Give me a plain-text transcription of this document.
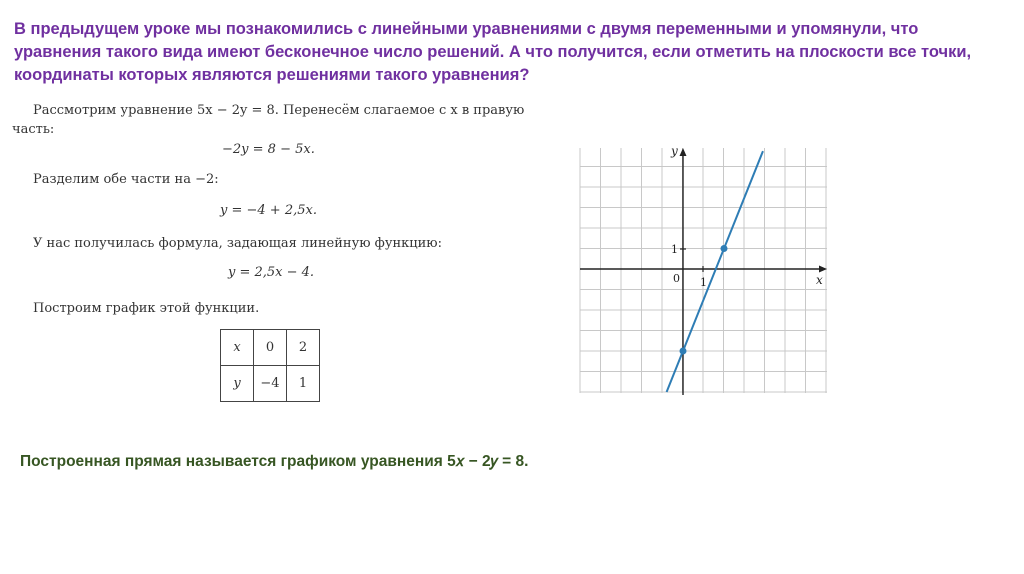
В предыдущем уроке мы познакомились с линейными уравнениями с двумя переменными и упомянули, что уравнения такого вида имеют бесконечное число решений. А что получится, если отметить на плоскости все точки, координаты которых являются решениями такого уравнения?
Рассмотрим уравнение 5x − 2y = 8. Перенесём слагаемое с x в правую
часть:
−2y = 8 − 5x.
Разделим обе части на −2:
y = −4 + 2,5x.
У нас получилась формула, задающая линейную функцию:
y = 2,5x − 4.
Построим график этой функции.
x	0	2
y	−4	1
y
x
0 1
1
Построенная прямая называется графиком уравнения 5𝑥 − 2𝑦 = 8.
